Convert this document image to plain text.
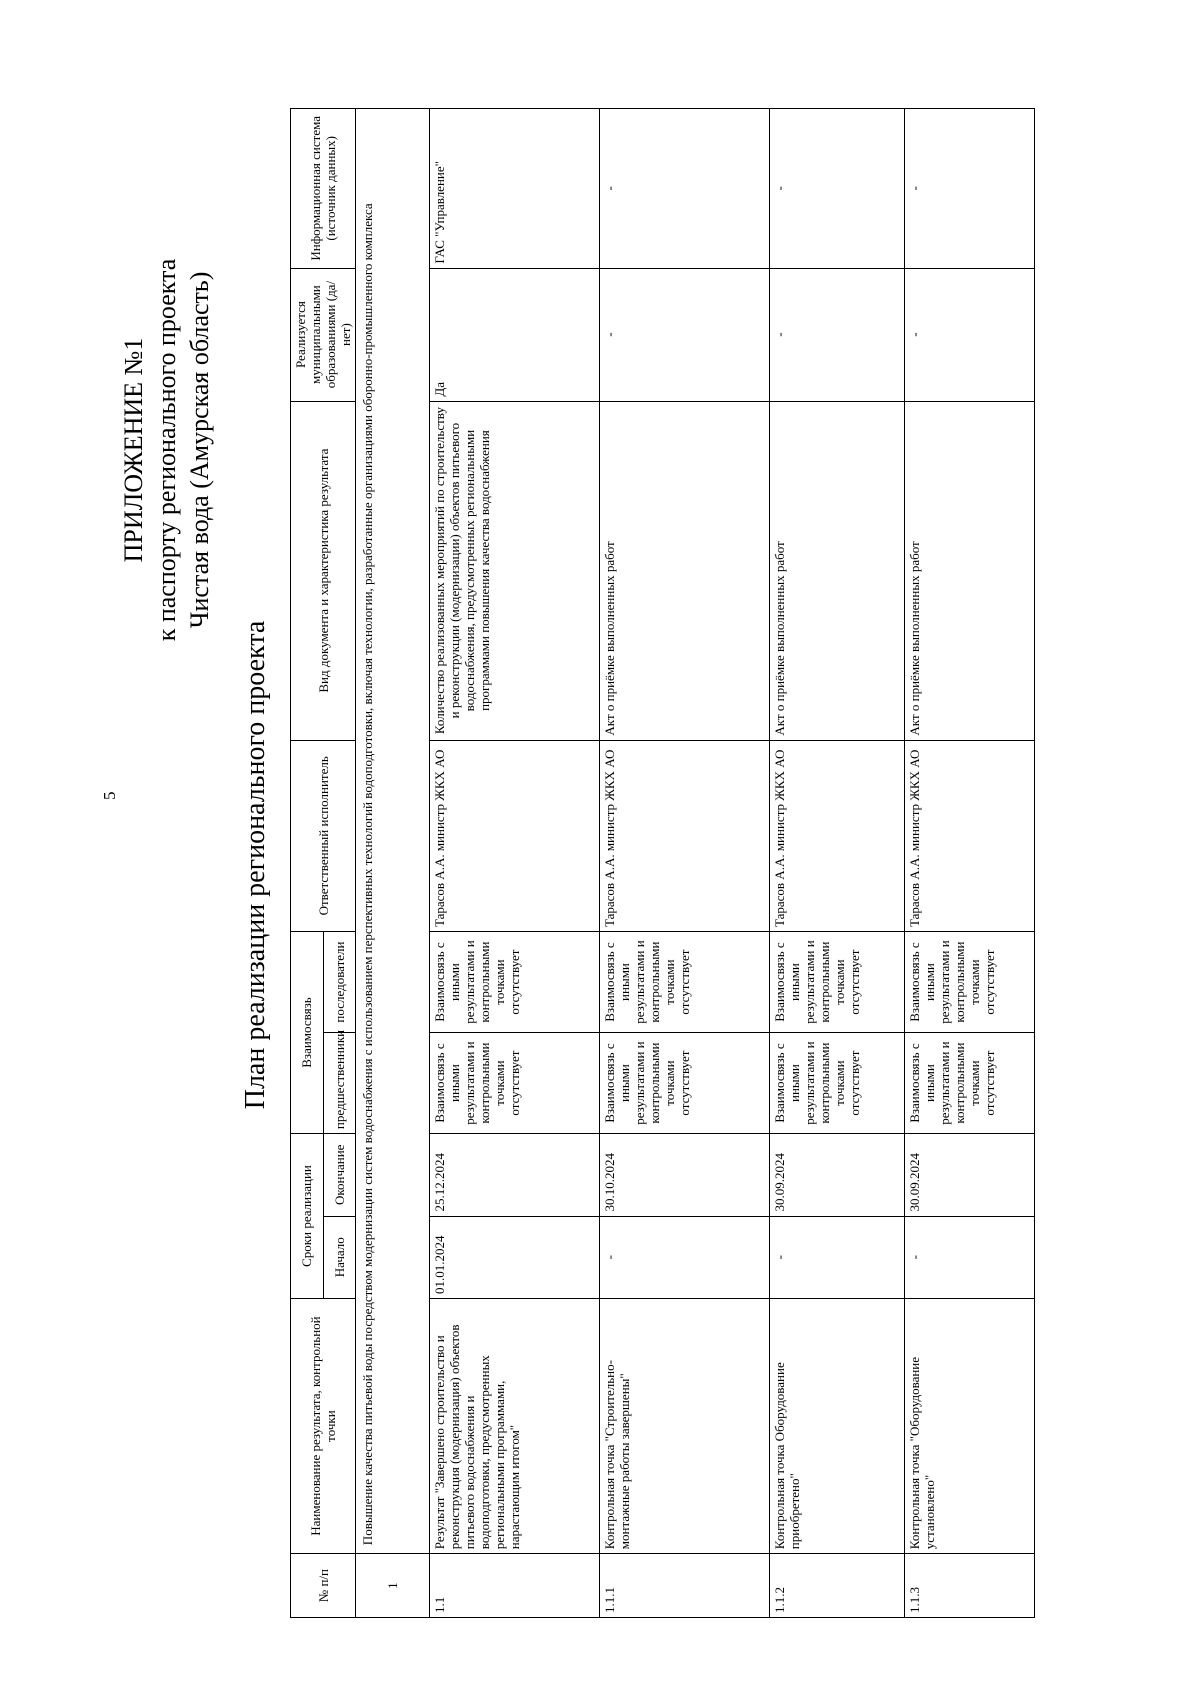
5
ПРИЛОЖЕНИЕ №1 к паспорту регионального проекта Чистая вода (Амурская область)
План реализации регионального проекта
№ п/п	Наименование результата, контрольной точки	Сроки реализации		Взаимосвязь		Ответственный исполнитель	Вид документа и характеристика результата	Реализуется муниципальными образованиями (да/нет)	Информационная система (источник данных)
		Начало	Окончание	предшественники	последователи				
1	Повышение качества питьевой воды посредством модернизации систем водоснабжения с использованием перспективных технологий водоподготовки, включая технологии, разработанные организациями оборонно-промышленного комплекса								
1.1	Результат "Завершено строительство и реконструкция (модернизация) объектов питьевого водоснабжения и водоподготовки, предусмотренных региональными программами, нарастающим итогом"	01.01.2024	25.12.2024	Взаимосвязь с иными результатами и контрольными точками отсутствует	Взаимосвязь с иными результатами и контрольными точками отсутствует	Тарасов А.А. министр ЖКХ АО	Количество реализованных мероприятий по строительству и реконструкции (модернизации) объектов питьевого водоснабжения, предусмотренных региональными программами повышения качества водоснабжения	Да	ГАС "Управление"
1.1.1	Контрольная точка "Строительно-монтажные работы завершены"	-	30.10.2024	Взаимосвязь с иными результатами и контрольными точками отсутствует	Взаимосвязь с иными результатами и контрольными точками отсутствует	Тарасов А.А. министр ЖКХ АО	Акт о приёмке выполненных работ	-	-
1.1.2	Контрольная точка Оборудование приобретено"	-	30.09.2024	Взаимосвязь с иными результатами и контрольными точками отсутствует	Взаимосвязь с иными результатами и контрольными точками отсутствует	Тарасов А.А. министр ЖКХ АО	Акт о приёмке выполненных работ	-	-
1.1.3	Контрольная точка "Оборудование установлено"	-	30.09.2024	Взаимосвязь с иными результатами и контрольными точками отсутствует	Взаимосвязь с иными результатами и контрольными точками отсутствует	Тарасов А.А. министр ЖКХ АО	Акт о приёмке выполненных работ	-	-
